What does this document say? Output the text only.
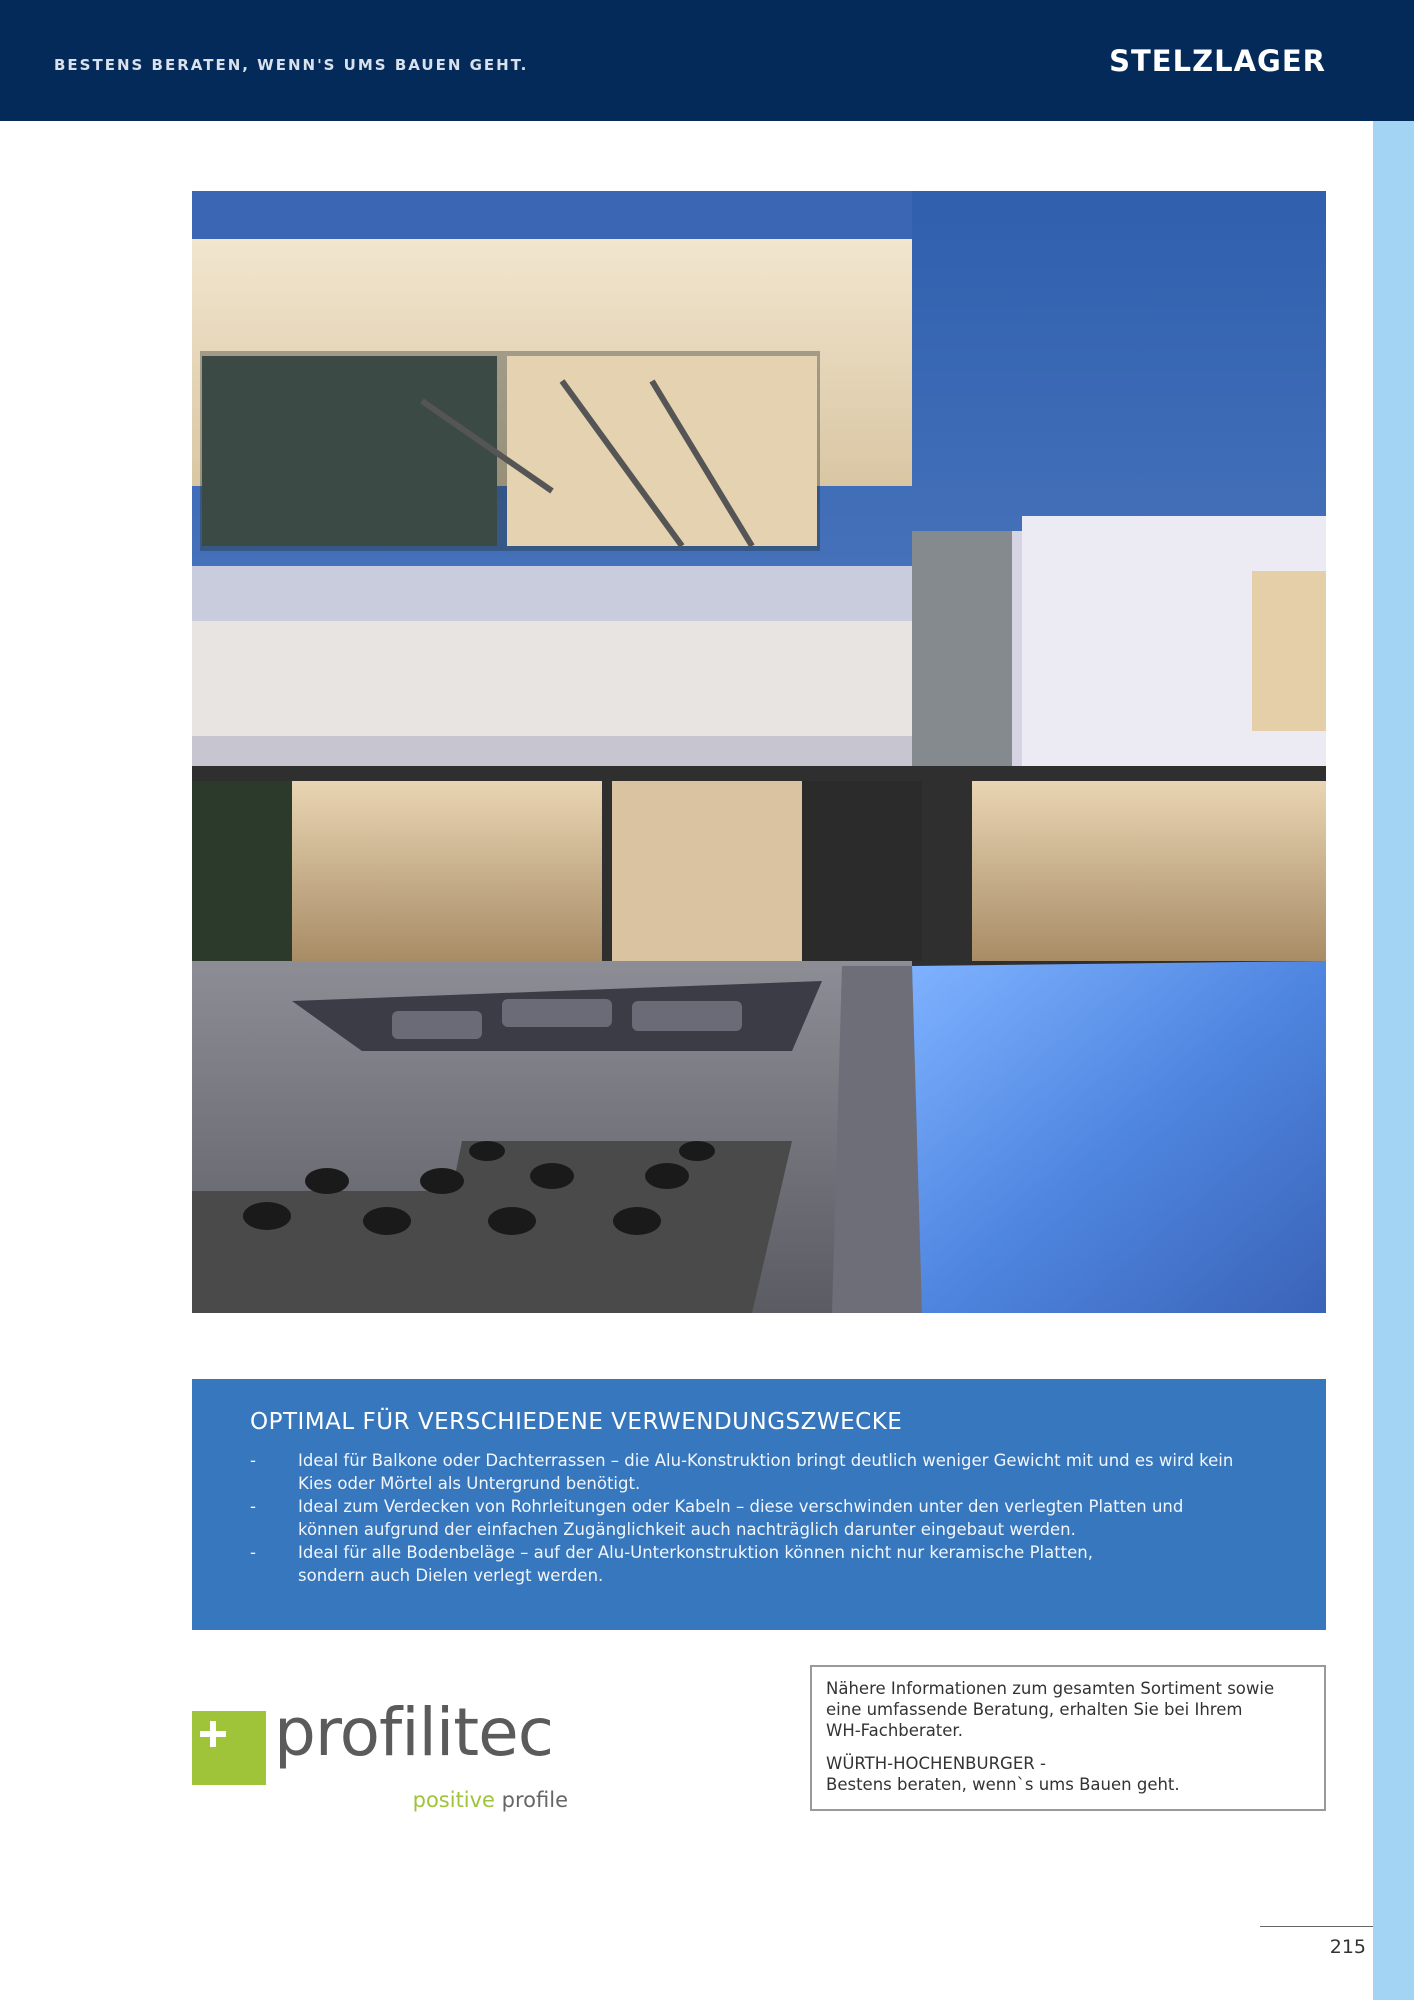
BESTENS BERATEN, WENN'S UMS BAUEN GEHT.	STELZLAGER
OPTIMAL FÜR VERSCHIEDENE VERWENDUNGSZWECKE
-	Ideal für Balkone oder Dachterrassen – die Alu-Konstruktion bringt deutlich weniger Gewicht mit und es wird kein
Kies oder Mörtel als Untergrund benötigt.
-	Ideal zum Verdecken von Rohrleitungen oder Kabeln – diese verschwinden unter den verlegten Platten und
können aufgrund der einfachen Zugänglichkeit auch nachträglich darunter eingebaut werden.
-	Ideal für alle Bodenbeläge – auf der Alu-Unterkonstruktion können nicht nur keramische Platten,
sondern auch Dielen verlegt werden.
profilitec
positive profile

Nähere Informationen zum gesamten Sortiment sowie

eine umfassende Beratung, erhalten Sie bei Ihrem

WH-Fachberater.

WÜRTH-HOCHENBURGER -

Bestens beraten, wenn`s ums Bauen geht.

215
